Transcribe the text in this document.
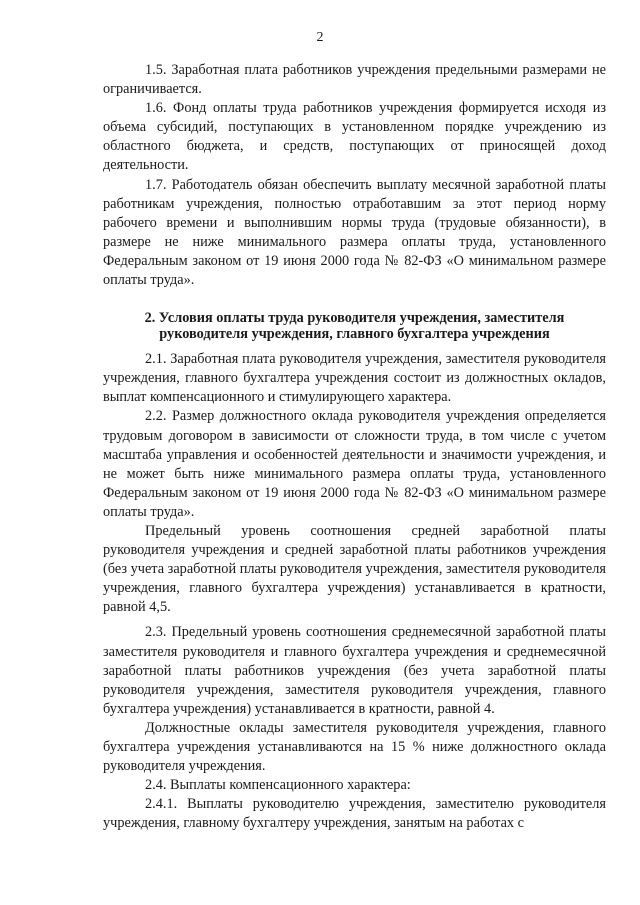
2

1.5. Заработная плата работников учреждения предельными размерами не ограничивается.

1.6. Фонд оплаты труда работников учреждения формируется исходя из объема субсидий, поступающих в установленном порядке учреждению из областного бюджета, и средств, поступающих от приносящей доход деятельности.

1.7. Работодатель обязан обеспечить выплату месячной заработной платы работникам учреждения, полностью отработавшим за этот период норму рабочего времени и выполнившим нормы труда (трудовые обязанности), в размере не ниже минимального размера оплаты труда, установленного Федеральным законом от 19 июня 2000 года № 82-ФЗ «О минимальном размере оплаты труда».

2. Условия оплаты труда руководителя учреждения, заместителя руководителя учреждения, главного бухгалтера учреждения

2.1. Заработная плата руководителя учреждения, заместителя руководителя учреждения, главного бухгалтера учреждения состоит из должностных окладов, выплат компенсационного и стимулирующего характера.

2.2. Размер должностного оклада руководителя учреждения определяется трудовым договором в зависимости от сложности труда, в том числе с учетом масштаба управления и особенностей деятельности и значимости учреждения, и не может быть ниже минимального размера оплаты труда, установленного Федеральным законом от 19 июня 2000 года № 82-ФЗ «О минимальном размере оплаты труда».

Предельный уровень соотношения средней заработной платы руководителя учреждения и средней заработной платы работников учреждения (без учета заработной платы руководителя учреждения, заместителя руководителя учреждения, главного бухгалтера учреждения) устанавливается в кратности, равной 4,5.

2.3. Предельный уровень соотношения среднемесячной заработной платы заместителя руководителя и главного бухгалтера учреждения и среднемесячной заработной платы работников учреждения (без учета заработной платы руководителя учреждения, заместителя руководителя учреждения, главного бухгалтера учреждения) устанавливается в кратности, равной 4.

Должностные оклады заместителя руководителя учреждения, главного бухгалтера учреждения устанавливаются на 15 % ниже должностного оклада руководителя учреждения.

2.4. Выплаты компенсационного характера:

2.4.1. Выплаты руководителю учреждения, заместителю руководителя учреждения, главному бухгалтеру учреждения, занятым на работах с
